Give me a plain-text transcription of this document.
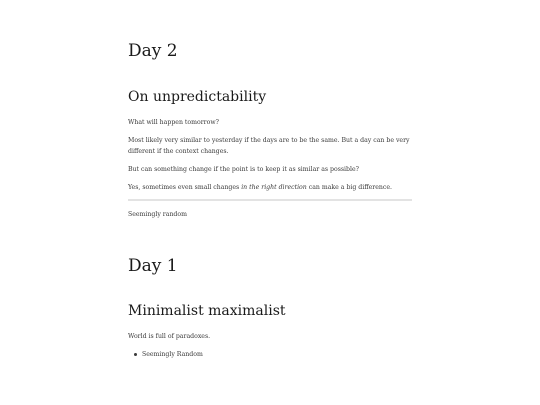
Day 2
On unpredictability

What will happen tomorrow?

Most likely very similar to yesterday if the days are to be the same. But a day can be very different if the context changes.

But can something change if the point is to keep it as similar as possible?

Yes, sometimes even small changes in the right direction can make a big difference.

Seemingly random

Day 1
Minimalist maximalist

World is full of paradoxes.

Seemingly Random
